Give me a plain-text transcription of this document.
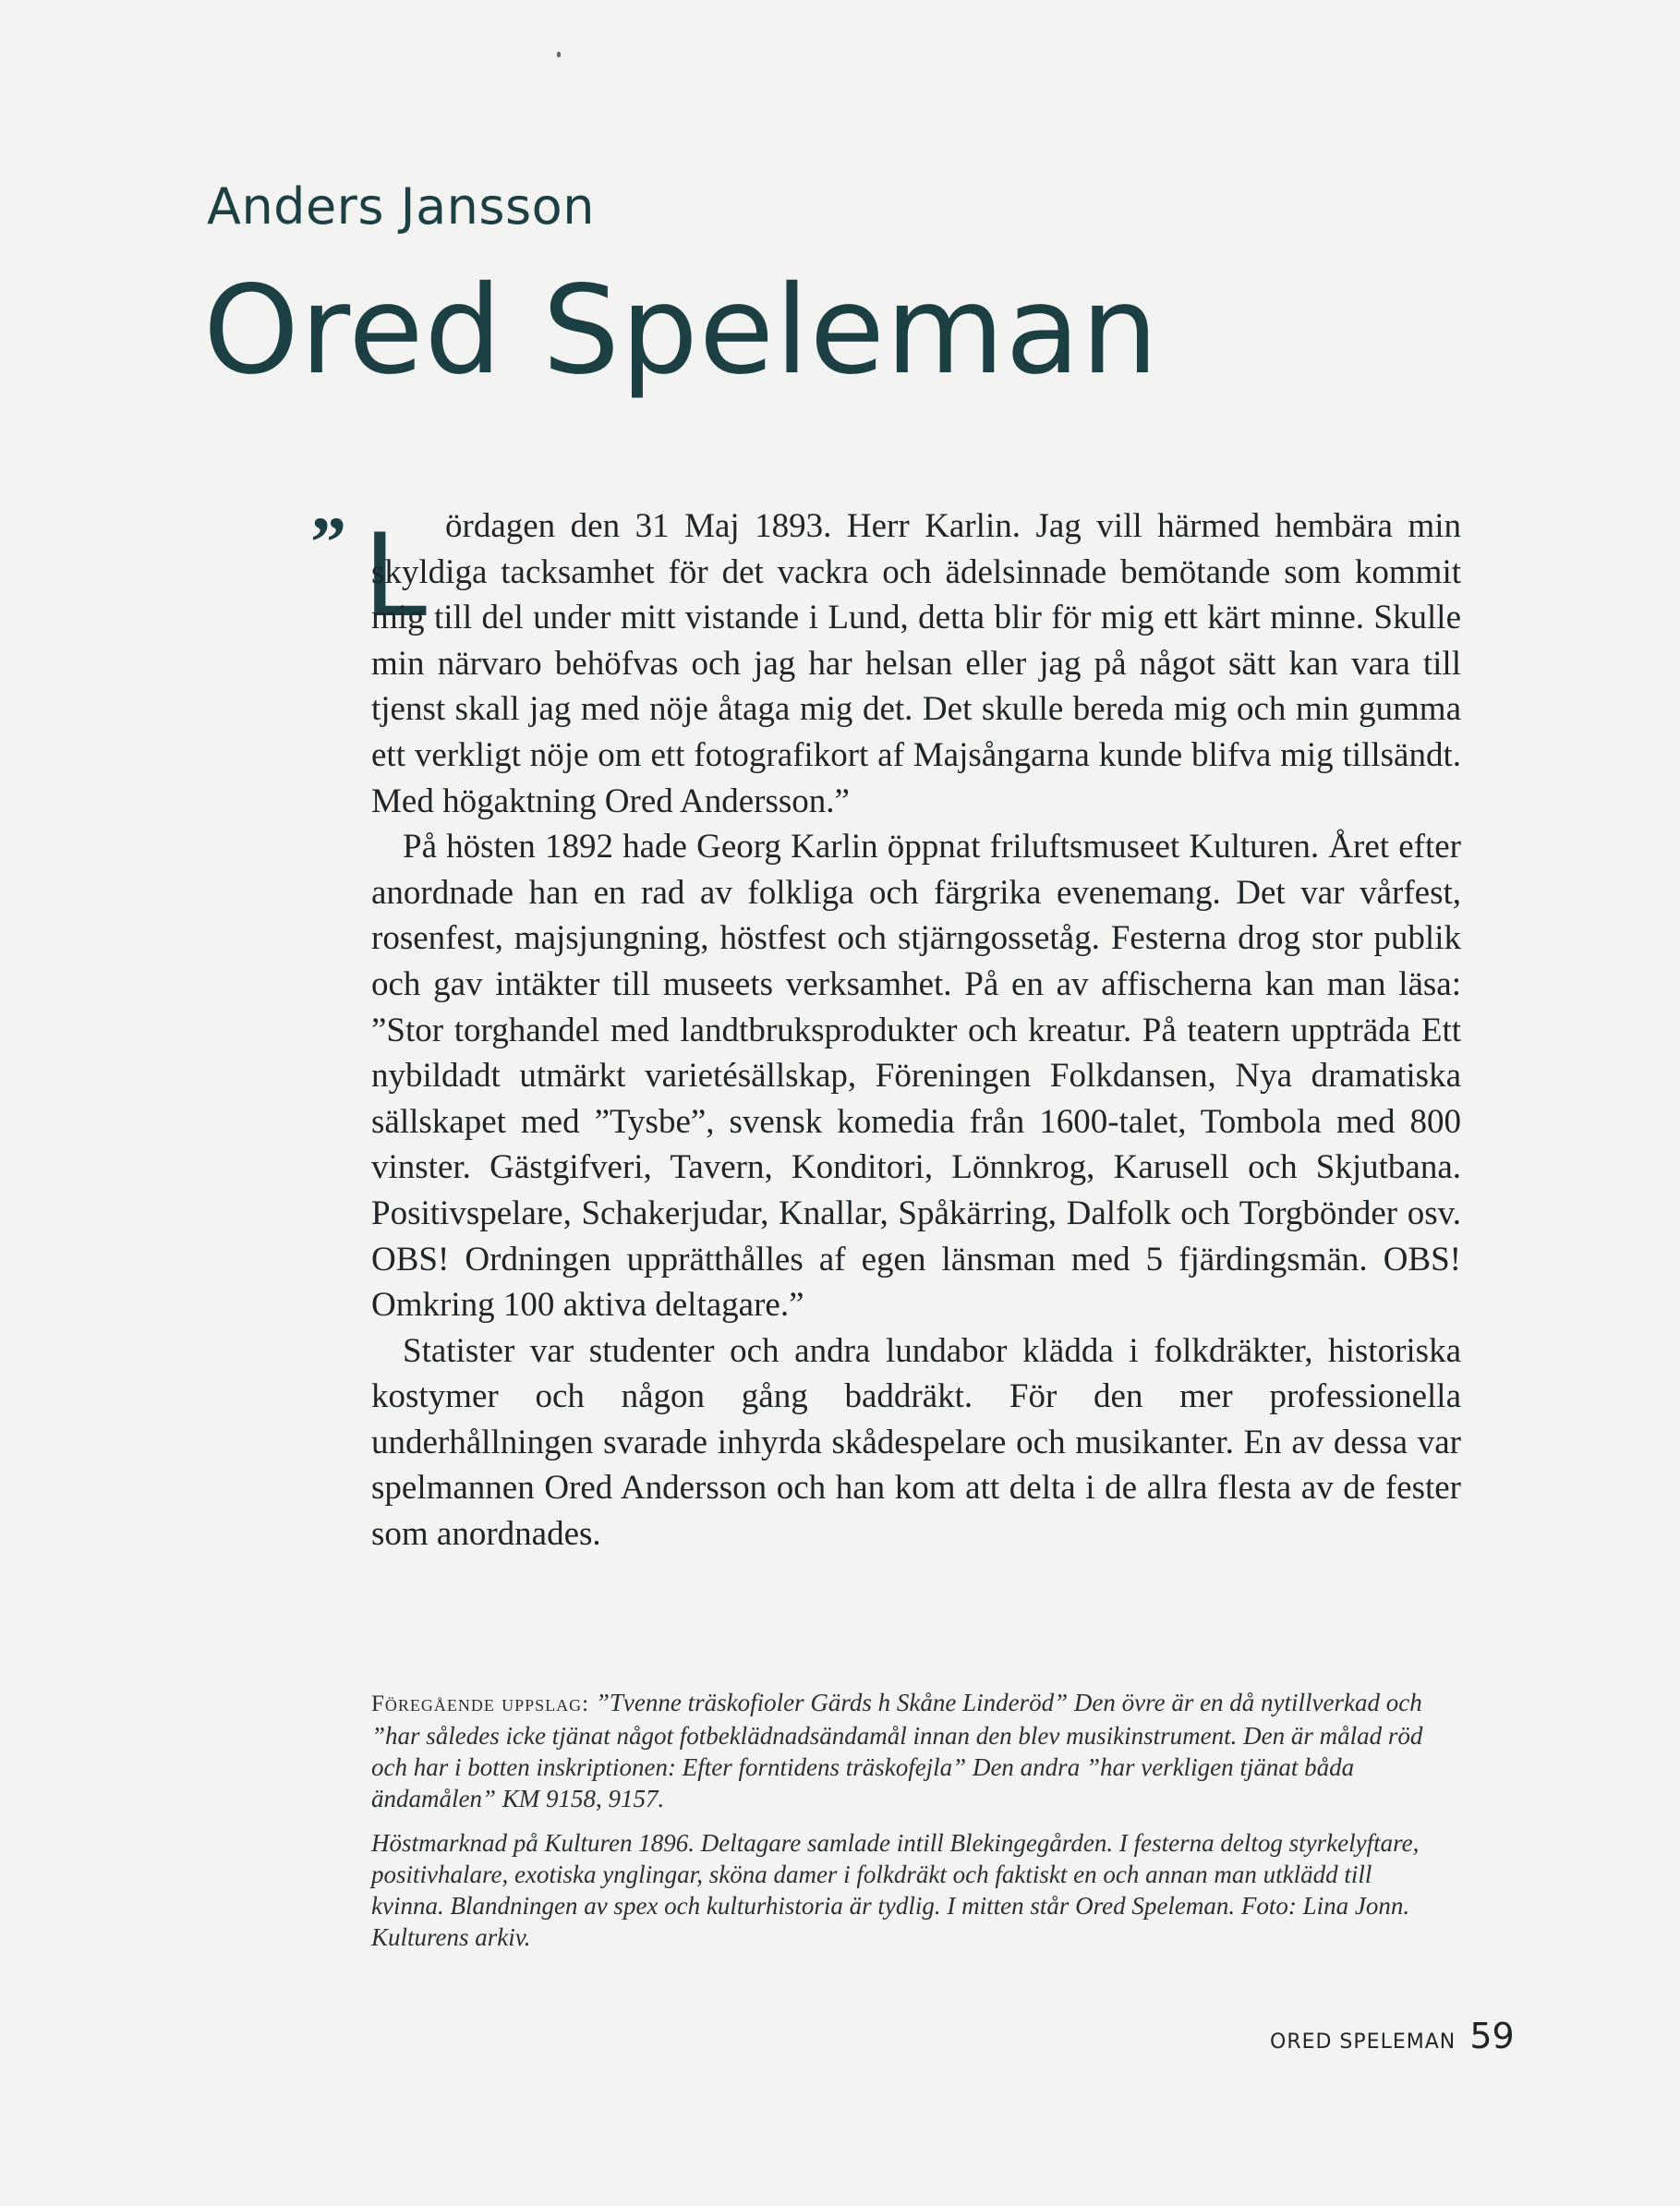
Anders Jansson
Ored Speleman
” L ördagen den 31 Maj 1893. Herr Karlin. Jag vill härmed hembära min skyldiga tacksamhet för det vackra och ädelsinnade bemötande som kommit mig till del under mitt vistande i Lund, detta blir för mig ett kärt minne. Skulle min närvaro behöfvas och jag har helsan eller jag på något sätt kan vara till tjenst skall jag med nöje åtaga mig det. Det skulle bereda mig och min gumma ett verkligt nöje om ett fotografikort af Majsångarna kunde blifva mig tillsändt. Med högaktning Ored Andersson.”

På hösten 1892 hade Georg Karlin öppnat friluftsmuseet Kulturen. Året efter anordnade han en rad av folkliga och färgrika evenemang. Det var vårfest, rosenfest, majsjungning, höstfest och stjärngossetåg. Festerna drog stor publik och gav intäkter till museets verksamhet. På en av affischerna kan man läsa: ”Stor torghandel med landtbruksprodukter och kreatur. På teatern uppträda Ett nybildadt utmärkt varietésällskap, Föreningen Folkdansen, Nya dramatiska sällskapet med ”Tysbe”, svensk komedia från 1600-talet, Tombola med 800 vinster. Gästgifveri, Tavern, Konditori, Lönnkrog, Karusell och Skjutbana. Positivspelare, Schakerjudar, Knallar, Spåkärring, Dalfolk och Torgbönder osv. OBS! Ordningen upprätthålles af egen länsman med 5 fjärdingsmän. OBS! Omkring 100 aktiva deltagare.”

Statister var studenter och andra lundabor klädda i folkdräkter, historiska kostymer och någon gång baddräkt. För den mer professionella underhållningen svarade inhyrda skådespelare och musikanter. En av dessa var spelmannen Ored Andersson och han kom att delta i de allra flesta av de fester som anordnades.

Föregående uppslag: ”Tvenne träskofioler Gärds h Skåne Linderöd” Den övre är en då nytillverkad och ”har således icke tjänat något fotbeklädnadsändamål innan den blev musikinstrument. Den är målad röd och har i botten inskriptionen: Efter forntidens träskofejla” Den andra ”har verkligen tjänat båda ändamålen” KM 9158, 9157.

Höstmarknad på Kulturen 1896. Deltagare samlade intill Blekingegården. I festerna deltog styrkelyftare, positivhalare, exotiska ynglingar, sköna damer i folkdräkt och faktiskt en och annan man utklädd till kvinna. Blandningen av spex och kulturhistoria är tydlig. I mitten står Ored Speleman. Foto: Lina Jonn. Kulturens arkiv.

ORED SPELEMAN 59
